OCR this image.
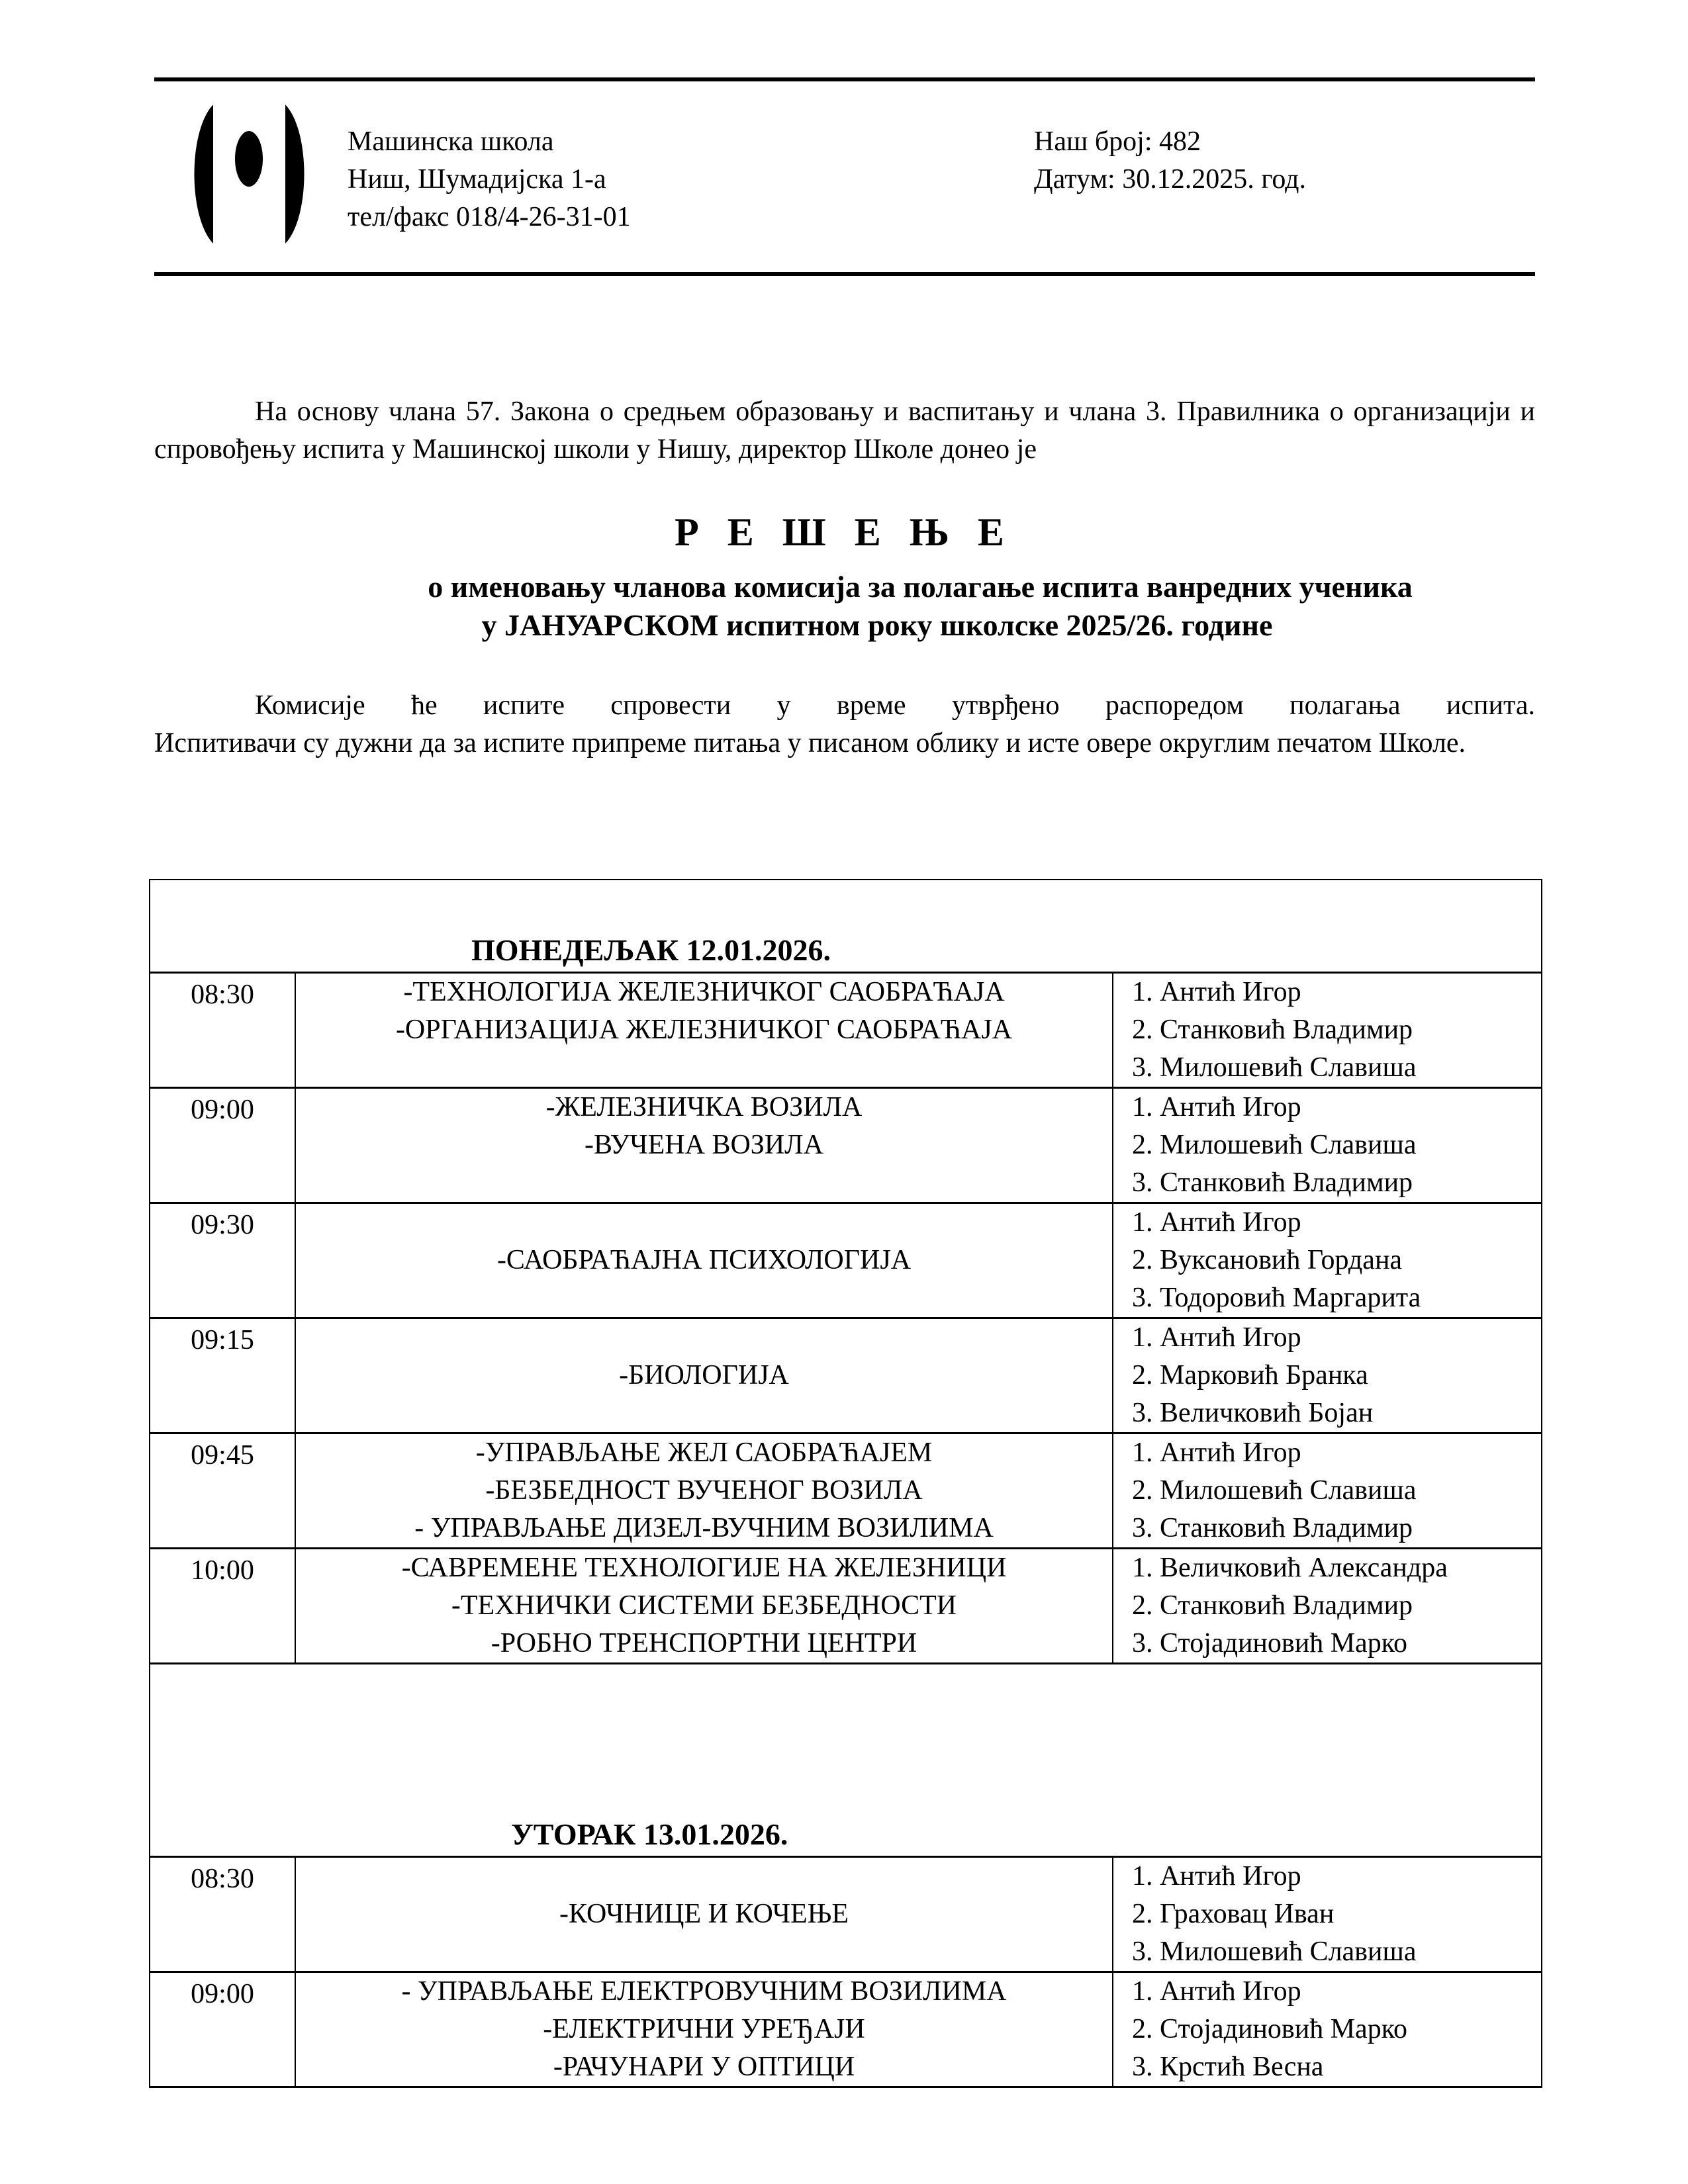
Машинска школа
Ниш, Шумадијска 1-а
тел/факс 018/4-26-31-01
Наш број: 482
Датум: 30.12.2025. год.
На основу члана 57. Закона о средњем образовању и васпитању и члана 3. Правилника о организацији и спровођењу испита у Машинској школи у Нишу, директор Школе донео је
Р Е Ш Е Њ Е
о именовању чланова комисија за полагање испита ванредних ученика
у ЈАНУАРСКОМ испитном року школске 2025/26. године
Комисије ће испите спровести у време утврђено распоредом полагања испита.
Испитивачи су дужни да за испите припреме питања у писаном облику и исте овере округлим печатом Школе.
ПОНЕДЕЉАК 12.01.2026.		
08:30	-ТЕХНОЛОГИЈА ЖЕЛЕЗНИЧКОГ САОБРАЋАЈА
-ОРГАНИЗАЦИЈА ЖЕЛЕЗНИЧКОГ САОБРАЋАЈА	1. Антић Игор
2. Станковић Владимир
3. Милошевић Славиша

09:00	-ЖЕЛЕЗНИЧКА ВОЗИЛА
-ВУЧЕНА ВОЗИЛА	1. Антић Игор
2. Милошевић Славиша
3. Станковић Владимир

09:30	-САОБРАЋАЈНА ПСИХОЛОГИЈА	1. Антић Игор
2. Вуксановић Гордана
3. Тодоровић Маргарита

09:15	-БИОЛОГИЈА	1. Антић Игор
2. Марковић Бранка
3. Величковић Бојан

09:45	-УПРАВЉАЊЕ ЖЕЛ САОБРАЋАЈЕМ
-БЕЗБЕДНОСТ ВУЧЕНОГ ВОЗИЛА
- УПРАВЉАЊЕ ДИЗЕЛ-ВУЧНИМ ВОЗИЛИМА	1. Антић Игор
2. Милошевић Славиша
3. Станковић Владимир

10:00	-САВРЕМЕНЕ ТЕХНОЛОГИЈЕ НА ЖЕЛЕЗНИЦИ
-ТЕХНИЧКИ СИСТЕМИ БЕЗБЕДНОСТИ
-РОБНО ТРЕНСПОРТНИ ЦЕНТРИ	1. Величковић Александра
2. Станковић Владимир
3. Стојадиновић Марко

УТОРАК 13.01.2026.		
08:30	-КОЧНИЦЕ И КОЧЕЊЕ	1. Антић Игор
2. Граховац Иван
3. Милошевић Славиша

09:00	- УПРАВЉАЊЕ ЕЛЕКТРОВУЧНИМ ВОЗИЛИМА
-ЕЛЕКТРИЧНИ УРЕЂАЈИ
-РАЧУНАРИ У ОПТИЦИ	1. Антић Игор
2. Стојадиновић Марко
3. Крстић Весна
